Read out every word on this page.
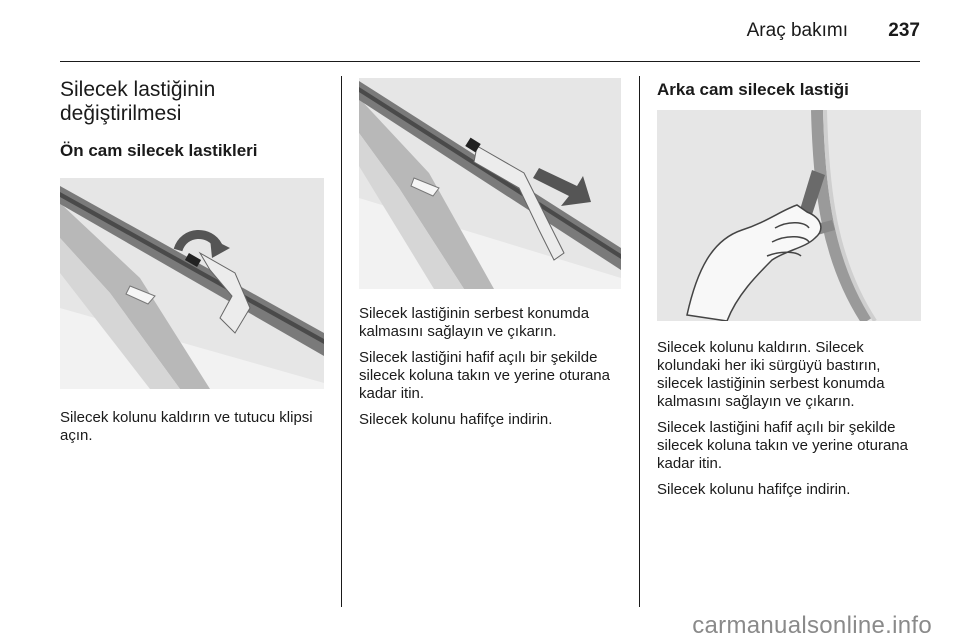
Araç bakımı 237
Silecek lastiğinin
değiştirilmesi
Ön cam silecek lastikleri

Silecek kolunu kaldırın ve tutucu klipsi açın.

Silecek lastiğinin serbest konumda kalmasını sağlayın ve çıkarın.

Silecek lastiğini hafif açılı bir şekilde silecek koluna takın ve yerine oturana kadar itin.

Silecek kolunu hafifçe indirin.

Arka cam silecek lastiği

Silecek kolunu kaldırın. Silecek kolundaki her iki sürgüyü bastırın, silecek lastiğinin serbest konumda kalmasını sağlayın ve çıkarın.

Silecek lastiğini hafif açılı bir şekilde silecek koluna takın ve yerine oturana kadar itin.

Silecek kolunu hafifçe indirin.

carmanualsonline.info
